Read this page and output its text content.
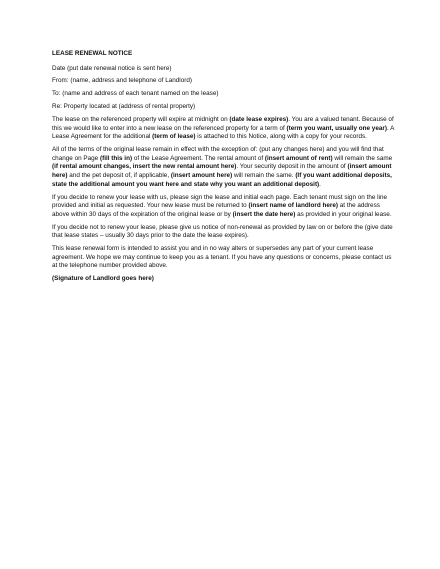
LEASE RENEWAL NOTICE

Date (put date renewal notice is sent here)

From: (name, address and telephone of Landlord)

To: (name and address of each tenant named on the lease)

Re: Property located at (address of rental property)

The lease on the referenced property will expire at midnight on (date lease expires). You are a valued tenant. Because of this we would like to enter into a new lease on the referenced property for a term of (term you want, usually one year). A Lease Agreement for the additional (term of lease) is attached to this Notice, along with a copy for your records.

All of the terms of the original lease remain in effect with the exception of: (put any changes here) and you will find that change on Page (fill this in) of the Lease Agreement. The rental amount of (insert amount of rent) will remain the same (if rental amount changes, insert the new rental amount here). Your security deposit in the amount of (insert amount here) and the pet deposit of, if applicable, (insert amount here) will remain the same. (If you want additional deposits, state the additional amount you want here and state why you want an additional deposit).

If you decide to renew your lease with us, please sign the lease and initial each page. Each tenant must sign on the line provided and initial as requested. Your new lease must be returned to (insert name of landlord here) at the address above within 30 days of the expiration of the original lease or by (insert the date here) as provided in your original lease.

If you decide not to renew your lease, please give us notice of non-renewal as provided by law on or before the (give date that lease states – usually 30 days prior to the date the lease expires).

This lease renewal form is intended to assist you and in no way alters or supersedes any part of your current lease agreement. We hope we may continue to keep you as a tenant. If you have any questions or concerns, please contact us at the telephone number provided above.

(Signature of Landlord goes here)
